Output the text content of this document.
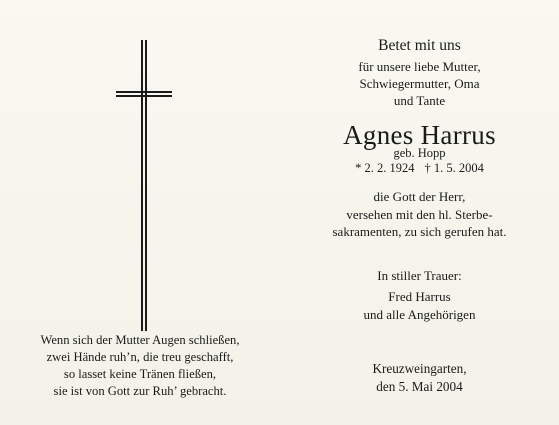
Wenn sich der Mutter Augen schließen,
zwei Hände ruh’n, die treu geschafft,
so lasset keine Tränen fließen,
sie ist von Gott zur Ruh’ gebracht.
Betet mit uns
für unsere liebe Mutter,
Schwiegermutter, Oma
und Tante
Agnes Harrus
geb. Hopp
* 2. 2. 1924 † 1. 5. 2004
die Gott der Herr,
versehen mit den hl. Sterbe-
sakramenten, zu sich gerufen hat.
In stiller Trauer:
Fred Harrus
und alle Angehörigen
Kreuzweingarten,
den 5. Mai 2004
